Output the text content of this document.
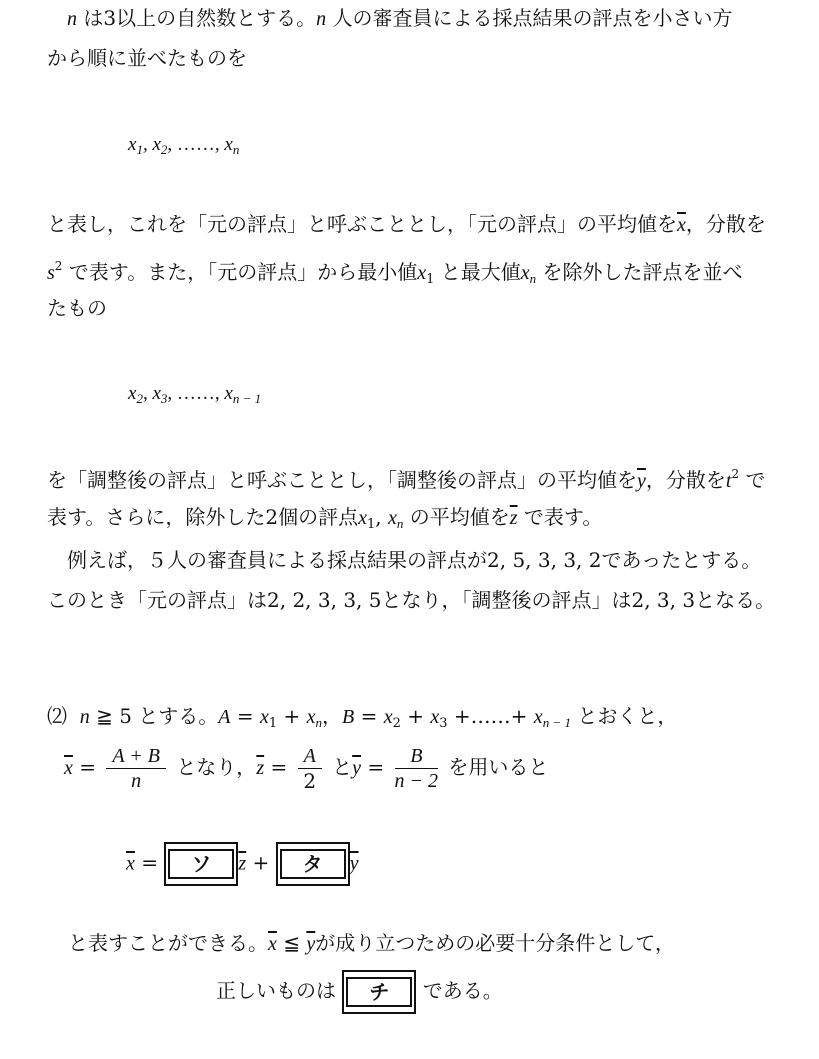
n は3以上の自然数とする。n 人の審査員による採点結果の評点を小さい方
から順に並べたものを
$x_1$, $x_2$, ……, $x_n$
と表し，これを「元の評点」と呼ぶこととし，「元の評点」の平均値を$\overline{x}$，分散を
$s^2$ で表す。また，「元の評点」から最小値$x_1$ と最大値$x_n$ を除外した評点を並べ
たもの
$x_2$, $x_3$, ……, $x_{n - 1}$
を「調整後の評点」と呼ぶこととし，「調整後の評点」の平均値を$\overline{y}$，分散を$t^2$ で
表す。さらに，除外した2個の評点$x_1$, $x_n$ の平均値を$\overline{z}$ で表す。
例えば，５人の審査員による採点結果の評点が2, 5, 3, 3, 2であったとする。
このとき「元の評点」は2, 2, 3, 3, 5となり，「調整後の評点」は2, 3, 3となる。
⑵ n ≧ 5 とする。$A = x_1 + x_n$，$B = x_2 + x_3$ +……+ $x_{n - 1}$ とおくと，
$\overline{x} = \frac{A + B}{n}$ となり，$\overline{z} = \frac{A}{2}$ と$\overline{y} = \frac{B}{n - 2}$ を用いると
$\overline{x}$ = ソ $\overline{z}$ + タ $\overline{y}$
と表すことができる。$\overline{x}$ ≦ $\overline{y}$が成り立つための必要十分条件として，
正しいものは チ である。
